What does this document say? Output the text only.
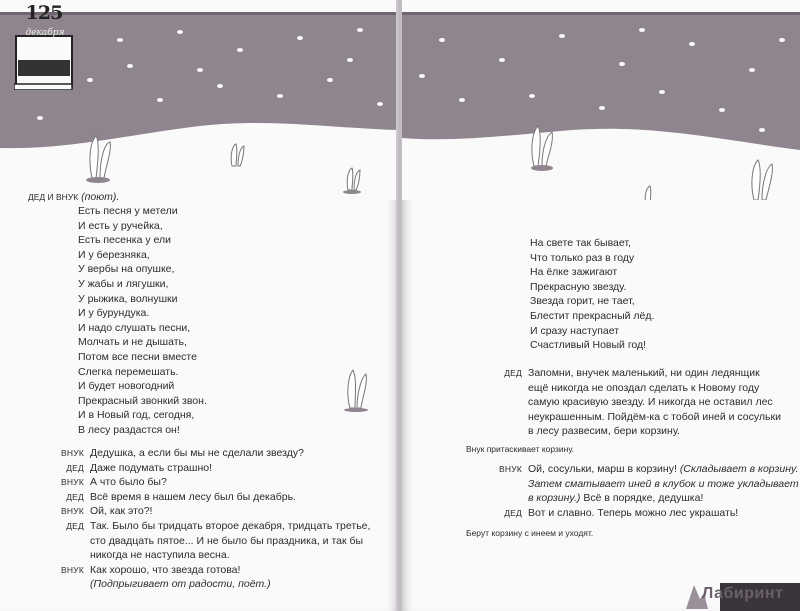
125
декабря
ДЕД И ВНУК (поют).
Есть песня у метели
И есть у ручейка,
Есть песенка у ели
И у березняка,
У вербы на опушке,
У жабы и лягушки,
У рыжика, волнушки
И у бурундука.
И надо слушать песни,
Молчать и не дышать,
Потом все песни вместе
Слегка перемешать.
И будет новогодний
Прекрасный звонкий звон.
И в Новый год, сегодня,
В лесу раздастся он!
ВНУК Дедушка, а если бы мы не сделали звезду?
ДЕД Даже подумать страшно!
ВНУК А что было бы?
ДЕД Всё время в нашем лесу был бы декабрь.
ВНУК Ой, как это?!
ДЕД Так. Было бы тридцать второе декабря, тридцать третье,
сто двадцать пятое... И не было бы праздника, и так бы
никогда не наступила весна.
ВНУК Как хорошо, что звезда готова!
(Подпрыгивает от радости, поёт.)
На свете так бывает,
Что только раз в году
На ёлке зажигают
Прекрасную звезду.
Звезда горит, не тает,
Блестит прекрасный лёд.
И сразу наступает
Счастливый Новый год!
ДЕД Запомни, внучек маленький, ни один ледянщик
ещё никогда не опоздал сделать к Новому году
самую красивую звезду. И никогда не оставил лес
неукрашенным. Пойдём-ка с тобой иней и сосульки
в лесу развесим, бери корзину.
Внук притаскивает корзину.
ВНУК Ой, сосульки, марш в корзину! (Складывает в корзину.
Затем сматывает иней в клубок и тоже укладывает
в корзину.) Всё в порядке, дедушка!
ДЕД Вот и славно. Теперь можно лес украшать!
Берут корзину с инеем и уходят.
Лабиринт
